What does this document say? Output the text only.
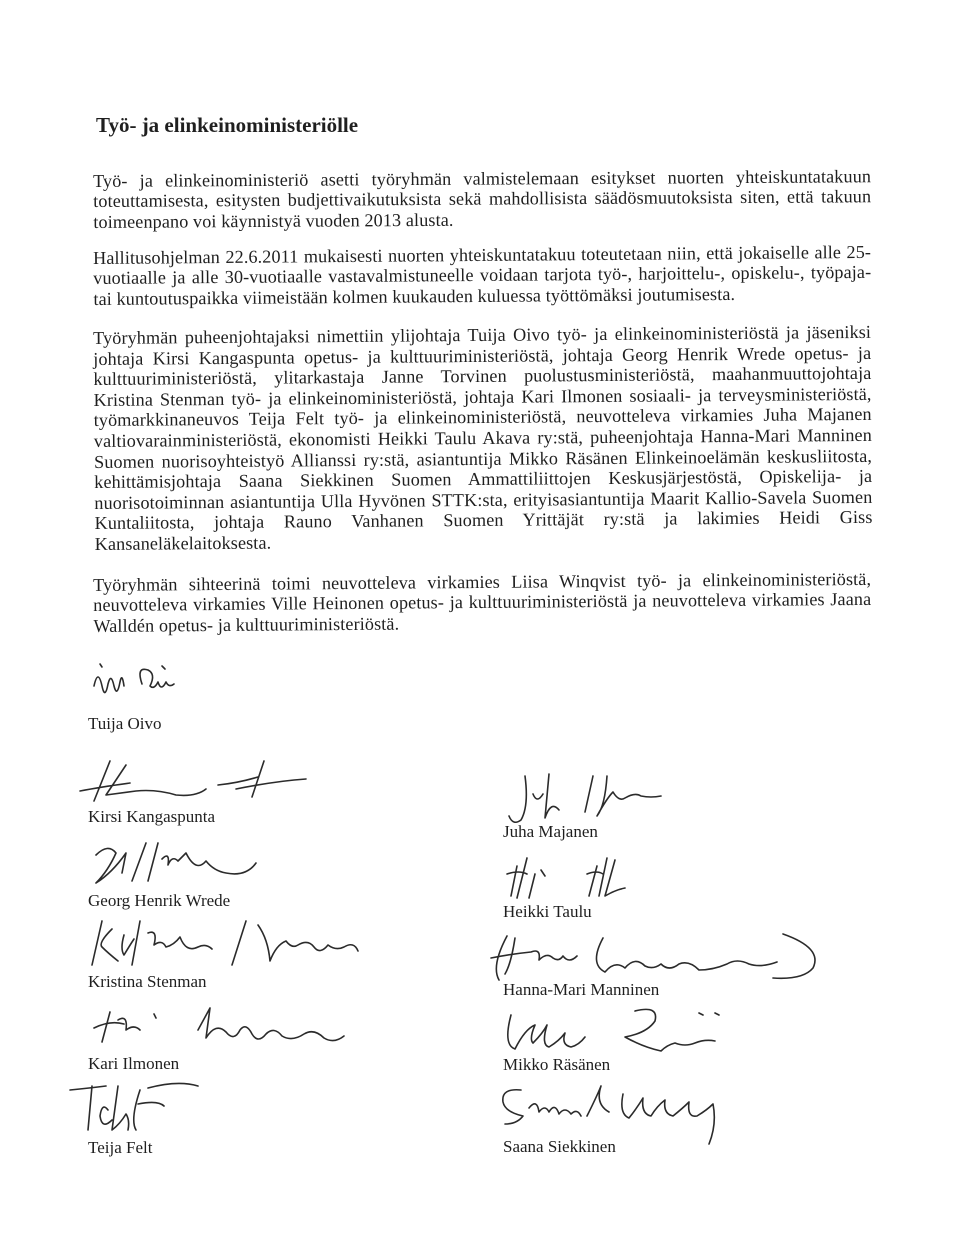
Työ- ja elinkeinoministeriölle

Työ- ja elinkeinoministeriö asetti työryhmän valmistelemaan esitykset nuorten yhteiskuntatakuun toteuttamisesta, esitysten budjettivaikutuksista sekä mahdollisista säädösmuutoksista siten, että takuun toimeenpano voi käynnistyä vuoden 2013 alusta.

Hallitusohjelman 22.6.2011 mukaisesti nuorten yhteiskuntatakuu toteutetaan niin, että jokaiselle alle 25-vuotiaalle ja alle 30-vuotiaalle vastavalmistuneelle voidaan tarjota työ-, harjoittelu-, opiskelu-, työpaja- tai kuntoutuspaikka viimeistään kolmen kuukauden kuluessa työttömäksi joutumisesta.

Työryhmän puheenjohtajaksi nimettiin ylijohtaja Tuija Oivo työ- ja elinkeinoministeriöstä ja jäseniksi johtaja Kirsi Kangaspunta opetus- ja kulttuuriministeriöstä, johtaja Georg Henrik Wrede opetus- ja kulttuuriministeriöstä, ylitarkastaja Janne Torvinen puolustusministeriöstä, maahanmuuttojohtaja Kristina Stenman työ- ja elinkeinoministeriöstä, johtaja Kari Ilmonen sosiaali- ja terveysministeriöstä, työmarkkinaneuvos Teija Felt työ- ja elinkeinoministeriöstä, neuvotteleva virkamies Juha Majanen valtiovarainministeriöstä, ekonomisti Heikki Taulu Akava ry:stä, puheenjohtaja Hanna-Mari Manninen Suomen nuorisoyhteistyö Allianssi ry:stä, asiantuntija Mikko Räsänen Elinkeinoelämän keskusliitosta, kehittämisjohtaja Saana Siekkinen Suomen Ammattiliittojen Keskusjärjestöstä, Opiskelija- ja nuorisotoiminnan asiantuntija Ulla Hyvönen STTK:sta, erityisasiantuntija Maarit Kallio-Savela Suomen Kuntaliitosta, johtaja Rauno Vanhanen Suomen Yrittäjät ry:stä ja lakimies Heidi Giss Kansaneläkelaitoksesta.

Työryhmän sihteerinä toimi neuvotteleva virkamies Liisa Winqvist työ- ja elinkeinoministeriöstä, neuvotteleva virkamies Ville Heinonen opetus- ja kulttuuriministeriöstä ja neuvotteleva virkamies Jaana Walldén opetus- ja kulttuuriministeriöstä.

Tuija Oivo
Kirsi Kangaspunta
Georg Henrik Wrede
Kristina Stenman
Kari Ilmonen
Teija Felt
Juha Majanen
Heikki Taulu
Hanna-Mari Manninen
Mikko Räsänen
Saana Siekkinen
